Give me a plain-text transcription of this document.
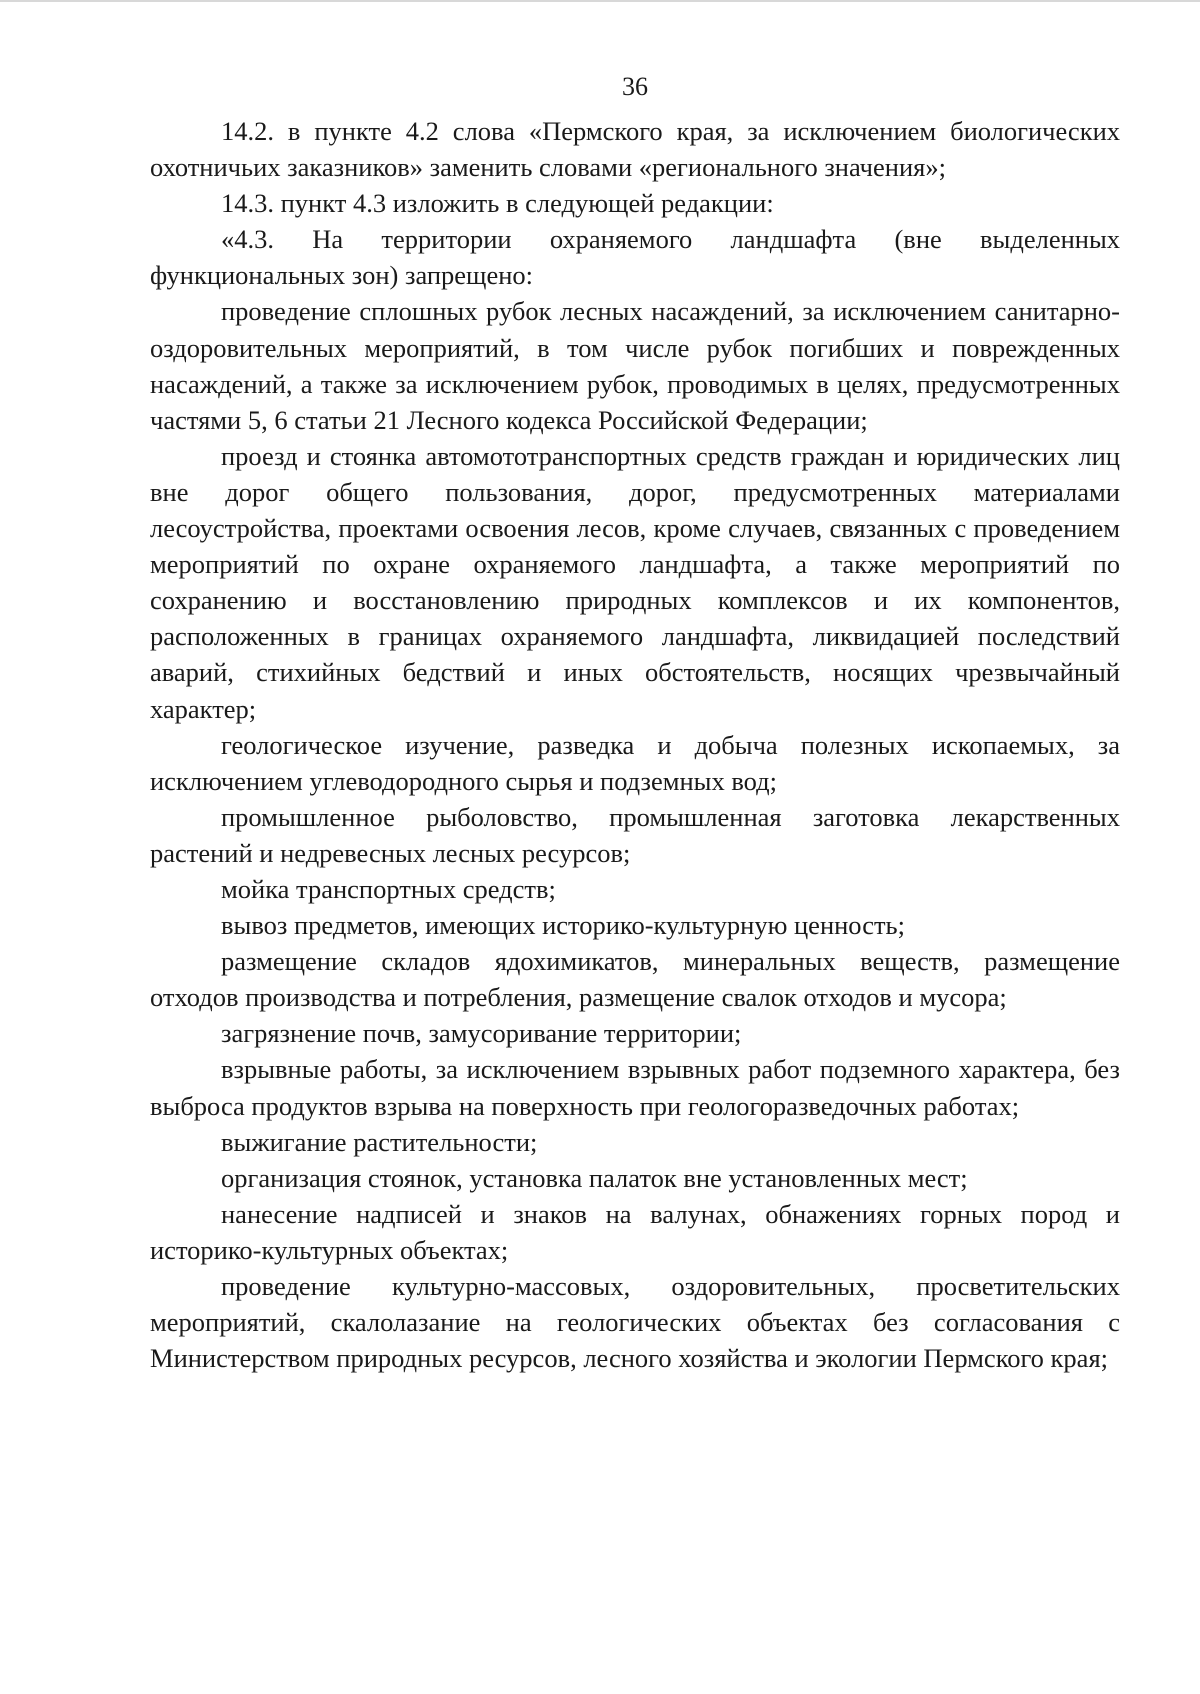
36

14.2. в пункте 4.2 слова «Пермского края, за исключением биологических охотничьих заказников» заменить словами «регионального значения»;

14.3. пункт 4.3 изложить в следующей редакции:

«4.3. На территории охраняемого ландшафта (вне выделенных функциональных зон) запрещено:

проведение сплошных рубок лесных насаждений, за исключением санитарно-оздоровительных мероприятий, в том числе рубок погибших и поврежденных насаждений, а также за исключением рубок, проводимых в целях, предусмотренных частями 5, 6 статьи 21 Лесного кодекса Российской Федерации;

проезд и стоянка автомототранспортных средств граждан и юридических лиц вне дорог общего пользования, дорог, предусмотренных материалами лесоустройства, проектами освоения лесов, кроме случаев, связанных с проведением мероприятий по охране охраняемого ландшафта, а также мероприятий по сохранению и восстановлению природных комплексов и их компонентов, расположенных в границах охраняемого ландшафта, ликвидацией последствий аварий, стихийных бедствий и иных обстоятельств, носящих чрезвычайный характер;

геологическое изучение, разведка и добыча полезных ископаемых, за исключением углеводородного сырья и подземных вод;

промышленное рыболовство, промышленная заготовка лекарственных растений и недревесных лесных ресурсов;

мойка транспортных средств;

вывоз предметов, имеющих историко-культурную ценность;

размещение складов ядохимикатов, минеральных веществ, размещение отходов производства и потребления, размещение свалок отходов и мусора;

загрязнение почв, замусоривание территории;

взрывные работы, за исключением взрывных работ подземного характера, без выброса продуктов взрыва на поверхность при геологоразведочных работах;

выжигание растительности;

организация стоянок, установка палаток вне установленных мест;

нанесение надписей и знаков на валунах, обнажениях горных пород и историко-культурных объектах;

проведение культурно-массовых, оздоровительных, просветительских мероприятий, скалолазание на геологических объектах без согласования с Министерством природных ресурсов, лесного хозяйства и экологии Пермского края;
